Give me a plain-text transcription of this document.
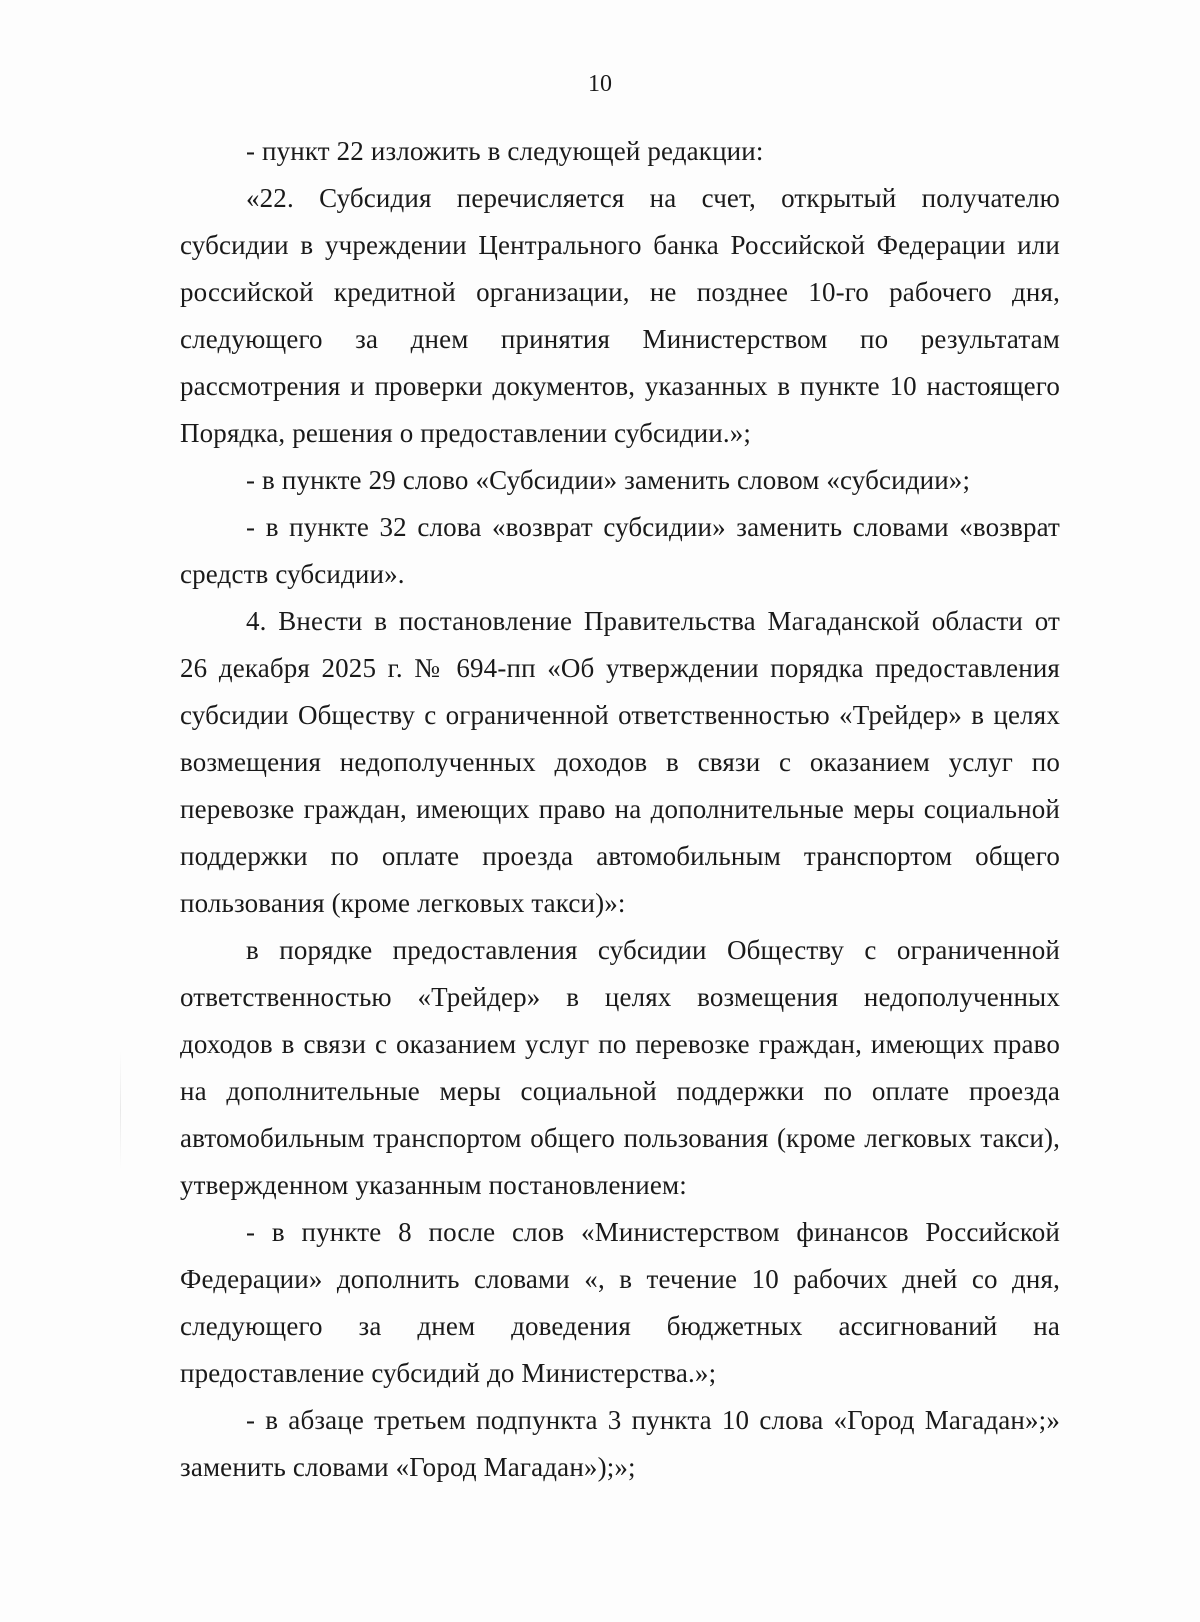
10

- пункт 22 изложить в следующей редакции:

«22. Субсидия перечисляется на счет, открытый получателю субсидии в учреждении Центрального банка Российской Федерации или российской кредитной организации, не позднее 10-го рабочего дня, следующего за днем принятия Министерством по результатам рассмотрения и проверки документов, указанных в пункте 10 настоящего Порядка, решения о предоставлении субсидии.»;

- в пункте 29 слово «Субсидии» заменить словом «субсидии»;

- в пункте 32 слова «возврат субсидии» заменить словами «возврат средств субсидии».

4. Внести в постановление Правительства Магаданской области от 26 декабря 2025 г. № 694-пп «Об утверждении порядка предоставления субсидии Обществу с ограниченной ответственностью «Трейдер» в целях возмещения недополученных доходов в связи с оказанием услуг по перевозке граждан, имеющих право на дополнительные меры социальной поддержки по оплате проезда автомобильным транспортом общего пользования (кроме легковых такси)»:

в порядке предоставления субсидии Обществу с ограниченной ответственностью «Трейдер» в целях возмещения недополученных доходов в связи с оказанием услуг по перевозке граждан, имеющих право на дополнительные меры социальной поддержки по оплате проезда автомобильным транспортом общего пользования (кроме легковых такси), утвержденном указанным постановлением:

- в пункте 8 после слов «Министерством финансов Российской Федерации» дополнить словами «, в течение 10 рабочих дней со дня, следующего за днем доведения бюджетных ассигнований на предоставление субсидий до Министерства.»;

- в абзаце третьем подпункта 3 пункта 10 слова «Город Магадан»;» заменить словами «Город Магадан»);»;
